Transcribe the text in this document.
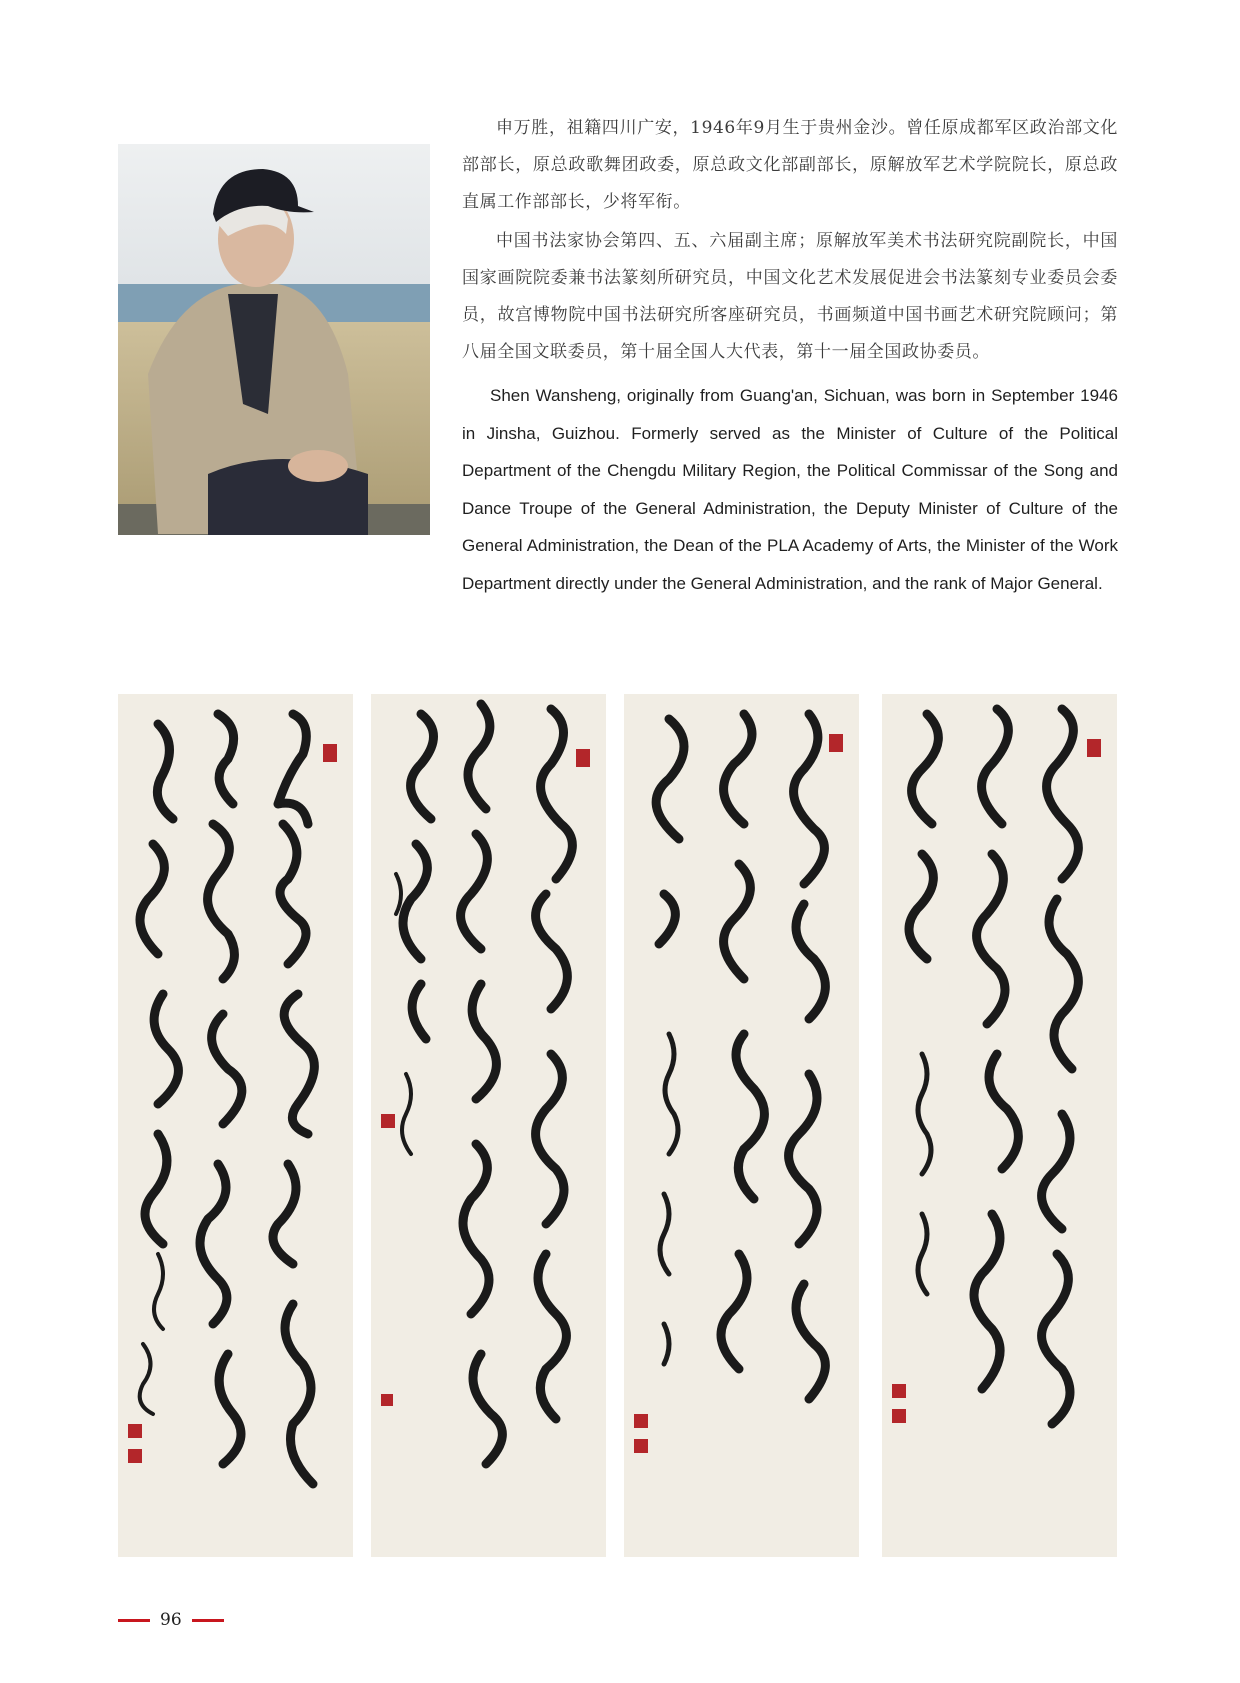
申万胜，祖籍四川广安，1946年9月生于贵州金沙。曾任原成都军区政治部文化部部长，原总政歌舞团政委，原总政文化部副部长，原解放军艺术学院院长，原总政直属工作部部长，少将军衔。

中国书法家协会第四、五、六届副主席；原解放军美术书法研究院副院长，中国国家画院院委兼书法篆刻所研究员，中国文化艺术发展促进会书法篆刻专业委员会委员，故宫博物院中国书法研究所客座研究员，书画频道中国书画艺术研究院顾问；第八届全国文联委员，第十届全国人大代表，第十一届全国政协委员。

Shen Wansheng, originally from Guang'an, Sichuan, was born in September 1946 in Jinsha, Guizhou. Formerly served as the Minister of Culture of the Political Department of the Chengdu Military Region, the Political Commissar of the Song and Dance Troupe of the General Administration, the Deputy Minister of Culture of the General Administration, the Dean of the PLA Academy of Arts, the Minister of the Work Department directly under the General Administration, and the rank of Major General.

96
